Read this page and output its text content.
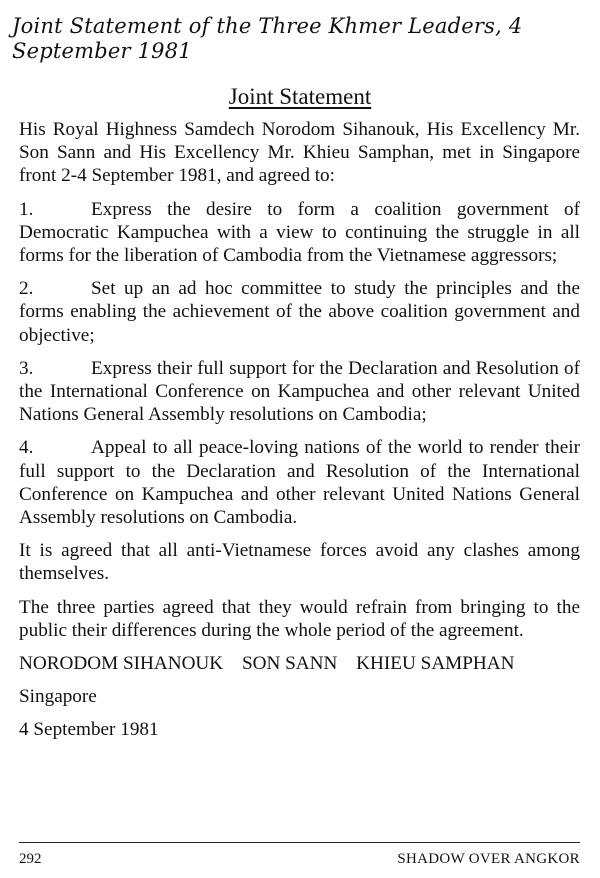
Joint Statement of the Three Khmer Leaders, 4 September 1981
Joint Statement

His Royal Highness Samdech Norodom Sihanouk, His Excellency Mr. Son Sann and His Excellency Mr. Khieu Samphan, met in Singapore front 2-4 September 1981, and agreed to:

1.	Express the desire to form a coalition government of Democratic Kampuchea with a view to continuing the struggle in all forms for the liberation of Cambodia from the Vietnamese aggressors;

2.	Set up an ad hoc committee to study the principles and the forms enabling the achievement of the above coalition government and objective;

3.	Express their full support for the Declaration and Resolution of the International Conference on Kampuchea and other relevant United Nations General Assembly resolutions on Cambodia;

4.	Appeal to all peace-loving nations of the world to render their full support to the Declaration and Resolution of the International Conference on Kampuchea and other relevant United Nations General Assembly resolutions on Cambodia.

It is agreed that all anti-Vietnamese forces avoid any clashes among themselves.

The three parties agreed that they would refrain from bringing to the public their differences during the whole period of the agreement.

NORODOM SIHANOUK SON SANN KHIEU SAMPHAN
Singapore
4 September 1981
292	SHADOW OVER ANGKOR
